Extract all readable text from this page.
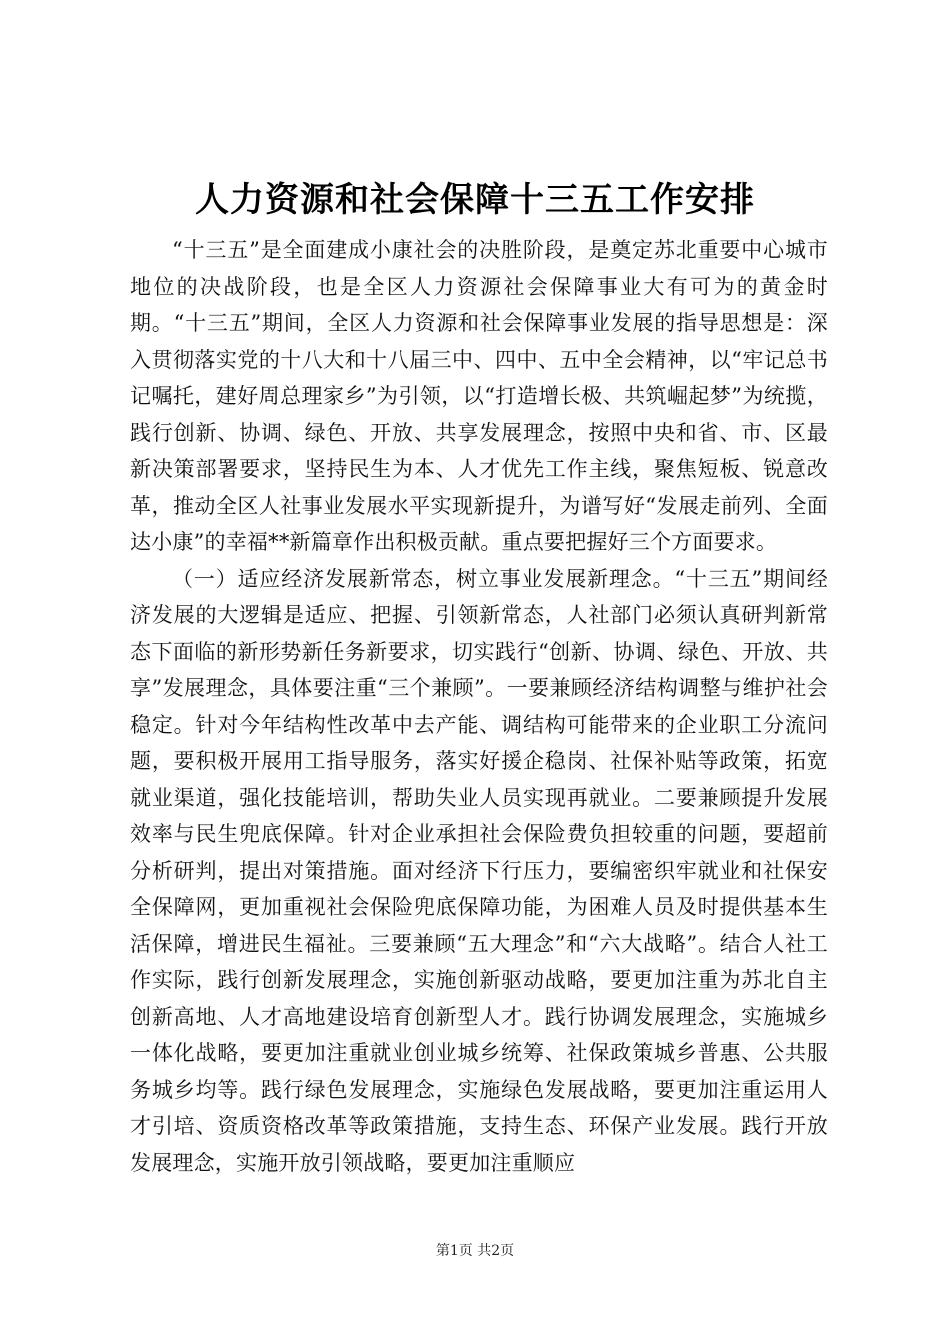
人力资源和社会保障十三五工作安排

“十三五”是全面建成小康社会的决胜阶段，是奠定苏北重要中心城市地位的决战阶段，也是全区人力资源社会保障事业大有可为的黄金时期。“十三五”期间，全区人力资源和社会保障事业发展的指导思想是：深入贯彻落实党的十八大和十八届三中、四中、五中全会精神，以“牢记总书记嘱托，建好周总理家乡”为引领，以“打造增长极、共筑崛起梦”为统揽，践行创新、协调、绿色、开放、共享发展理念，按照中央和省、市、区最新决策部署要求，坚持民生为本、人才优先工作主线，聚焦短板、锐意改革，推动全区人社事业发展水平实现新提升，为谱写好“发展走前列、全面达小康”的幸福**新篇章作出积极贡献。重点要把握好三个方面要求。

（一）适应经济发展新常态，树立事业发展新理念。“十三五”期间经济发展的大逻辑是适应、把握、引领新常态，人社部门必须认真研判新常态下面临的新形势新任务新要求，切实践行“创新、协调、绿色、开放、共享”发展理念，具体要注重“三个兼顾”。一要兼顾经济结构调整与维护社会稳定。针对今年结构性改革中去产能、调结构可能带来的企业职工分流问题，要积极开展用工指导服务，落实好援企稳岗、社保补贴等政策，拓宽就业渠道，强化技能培训，帮助失业人员实现再就业。二要兼顾提升发展效率与民生兜底保障。针对企业承担社会保险费负担较重的问题，要超前分析研判，提出对策措施。面对经济下行压力，要编密织牢就业和社保安全保障网，更加重视社会保险兜底保障功能，为困难人员及时提供基本生活保障，增进民生福祉。三要兼顾“五大理念”和“六大战略”。结合人社工作实际，践行创新发展理念，实施创新驱动战略，要更加注重为苏北自主创新高地、人才高地建设培育创新型人才。践行协调发展理念，实施城乡一体化战略，要更加注重就业创业城乡统筹、社保政策城乡普惠、公共服务城乡均等。践行绿色发展理念，实施绿色发展战略，要更加注重运用人才引培、资质资格改革等政策措施，支持生态、环保产业发展。践行开放发展理念，实施开放引领战略，要更加注重顺应

第1页 共2页
